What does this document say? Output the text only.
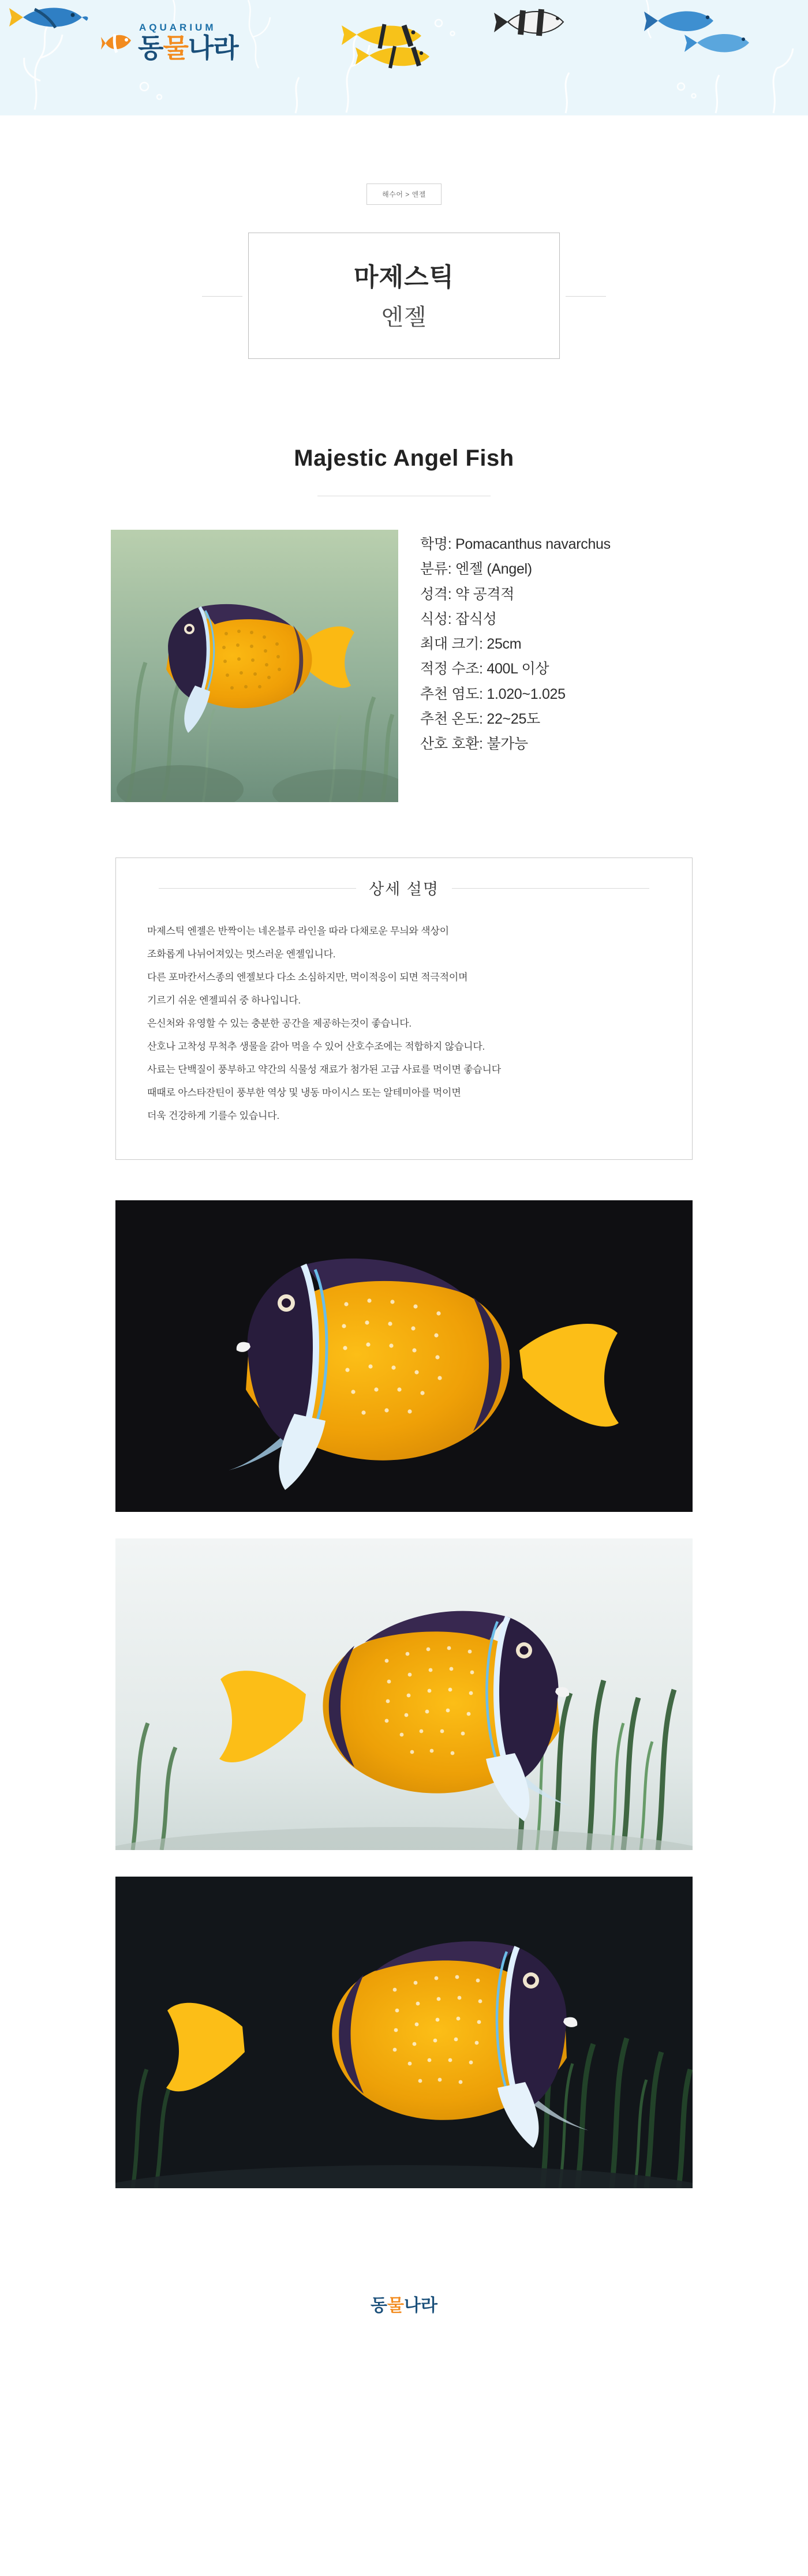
AQUARIUM
동물나라
해수어 > 엔젤
마제스틱
엔젤
Majestic Angel Fish
학명: Pomacanthus navarchus
분류: 엔젤 (Angel)
성격: 약 공격적
식성: 잡식성
최대 크기: 25cm
적정 수조: 400L 이상
추천 염도: 1.020~1.025
추천 온도: 22~25도
산호 호환: 불가능
상세 설명
마제스틱 엔젤은 반짝이는 네온블루 라인을 따라 다채로운 무늬와 색상이
조화롭게 나뉘어져있는 멋스러운 엔젤입니다.
다른 포마칸서스종의 엔젤보다 다소 소심하지만, 먹이적응이 되면 적극적이며
기르기 쉬운 엔젤피쉬 중 하나입니다.
은신처와 유영할 수 있는 충분한 공간을 제공하는것이 좋습니다.
산호나 고착성 무척추 생물을 갉아 먹을 수 있어 산호수조에는 적합하지 않습니다.
사료는 단백질이 풍부하고 약간의 식물성 재료가 첨가된 고급 사료를 먹이면 좋습니다
때때로 아스타잔틴이 풍부한 역상 및 냉동 마이시스 또는 알테미아를 먹이면
더욱 건강하게 기를수 있습니다.
동물나라
